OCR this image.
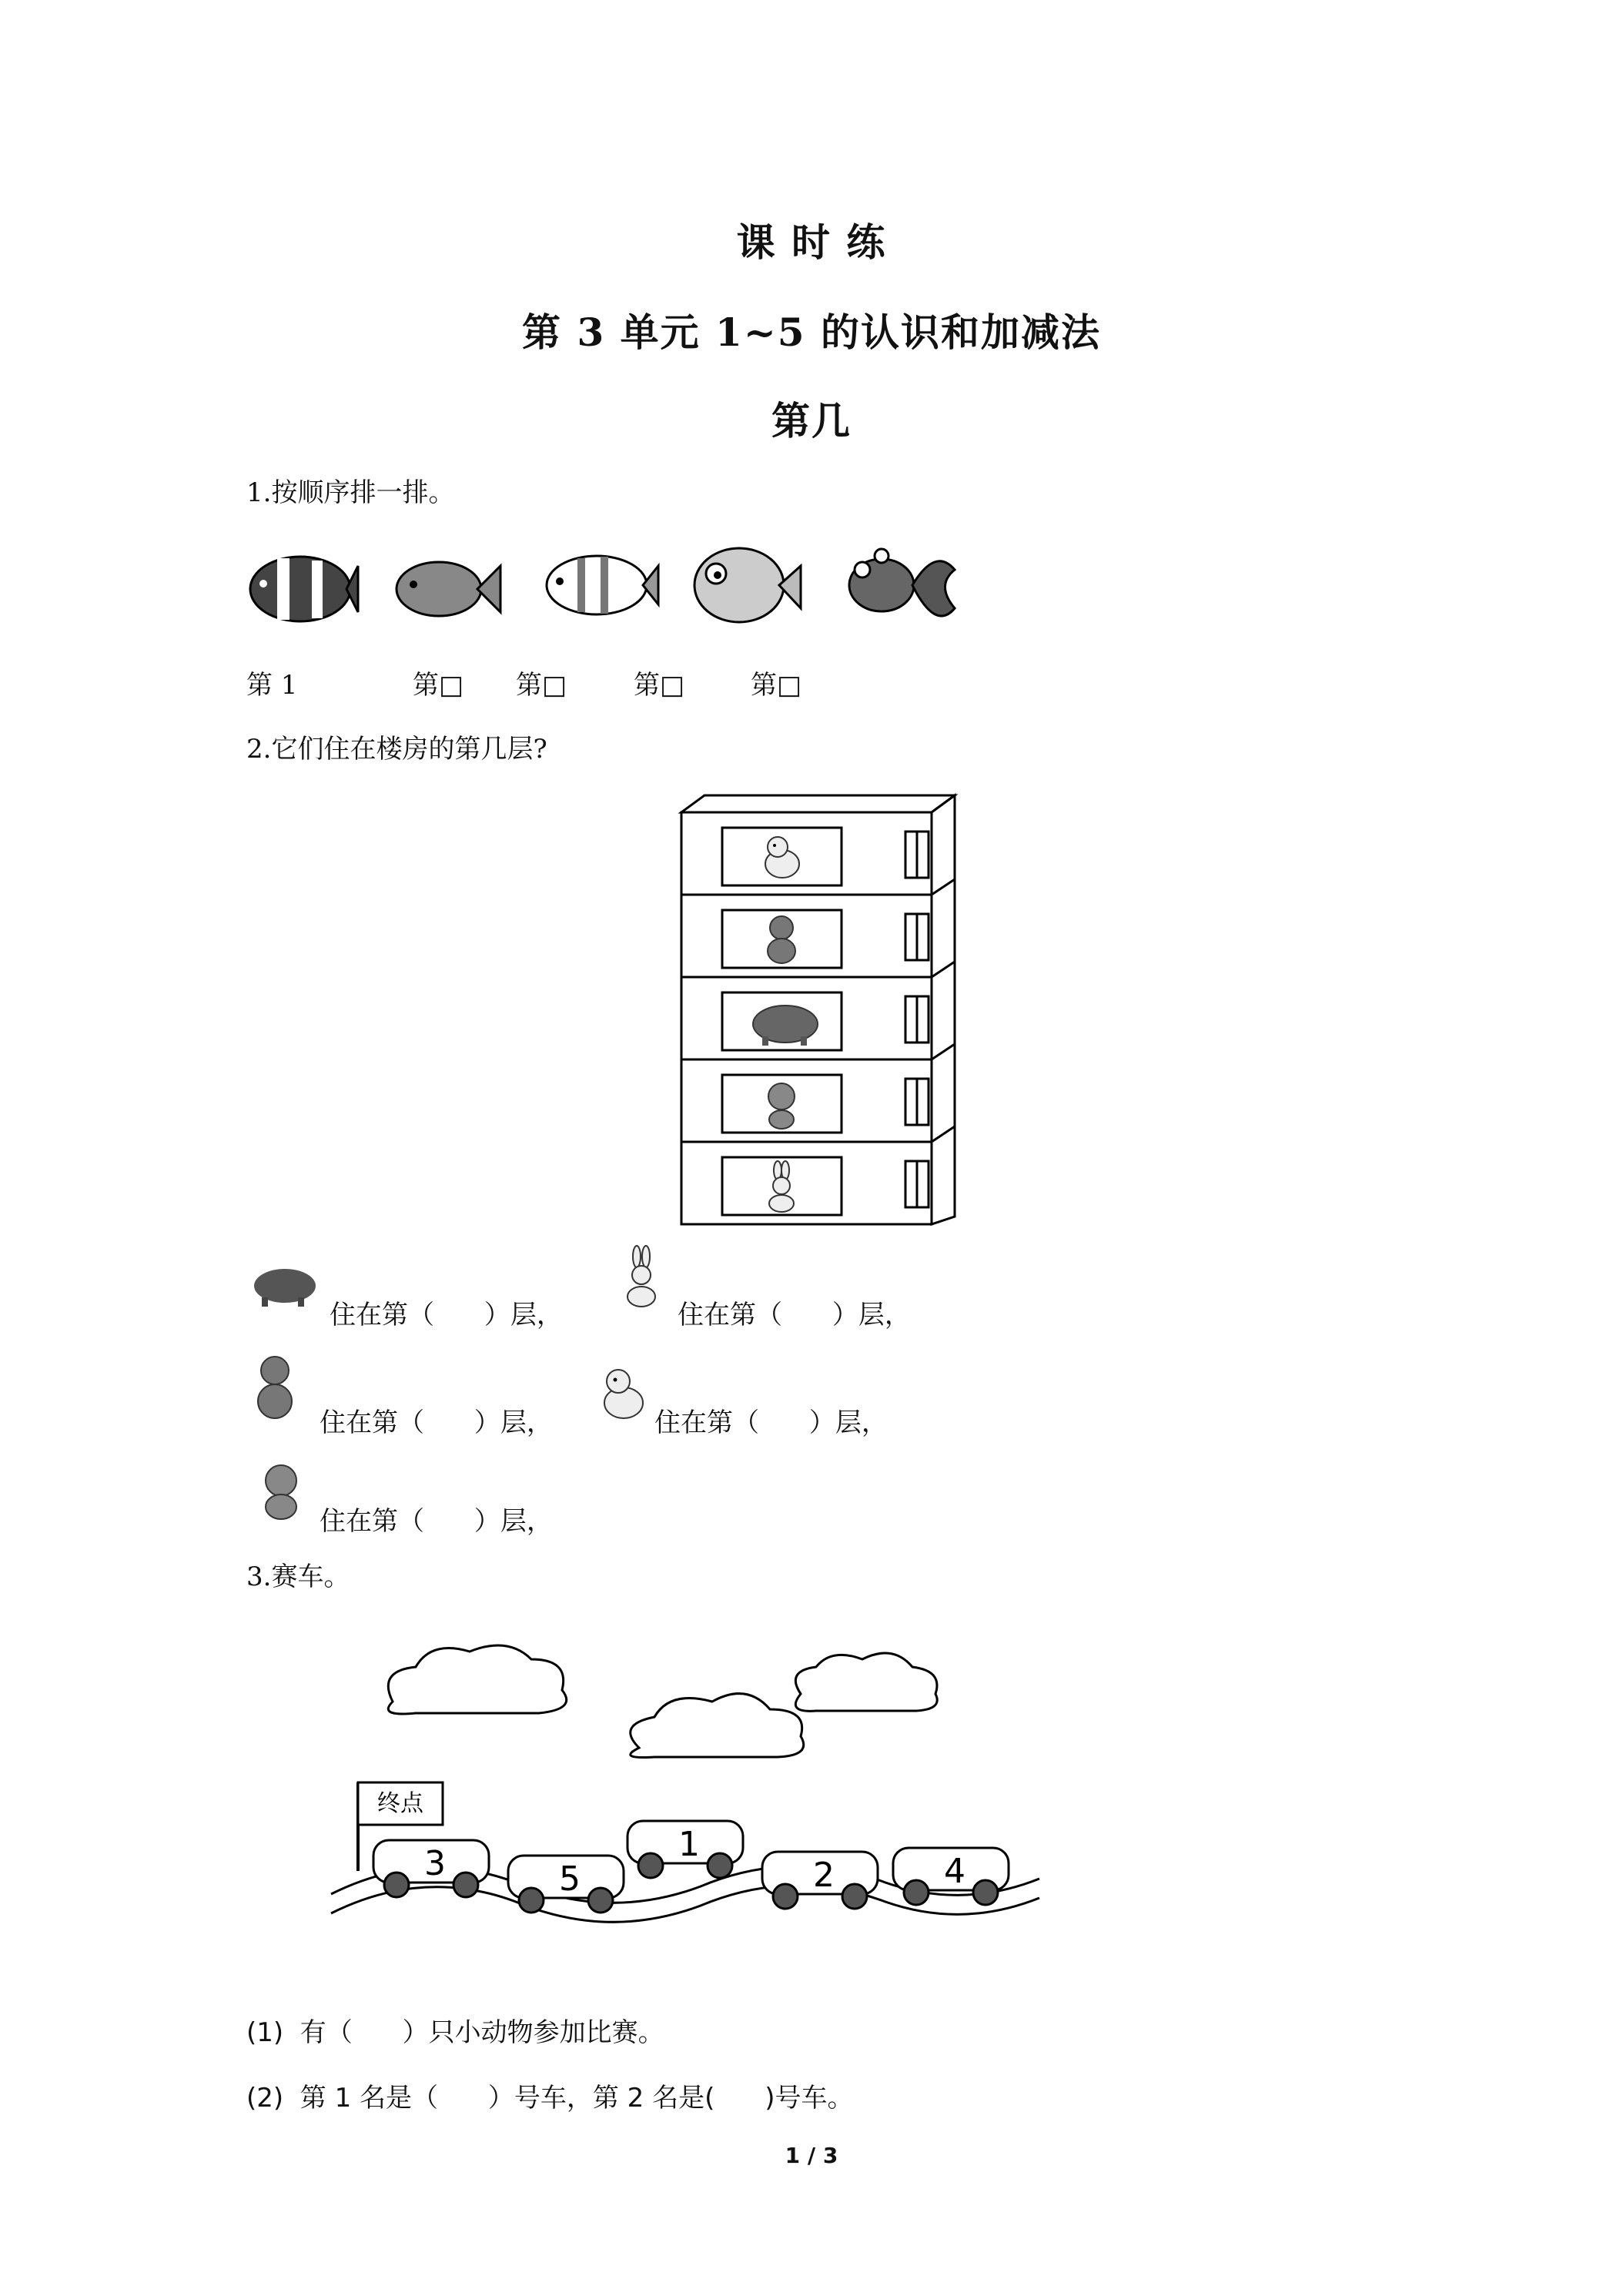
课 时 练
第 3 单元 1~5 的认识和加减法
第几
1.按顺序排一排。
第 1	第□ 第□	第□	第□
2.它们住在楼房的第几层?
住在第（      ）层，	住在第（      ）层，
住在第（      ）层，	住在第（      ）层，
住在第（      ）层，
3.赛车。
终点
3	5
1
2	4
(1)  有（      ）只小动物参加比赛。
(2)  第 1 名是（      ）号车，第 2 名是(      )号车。
1 / 3
